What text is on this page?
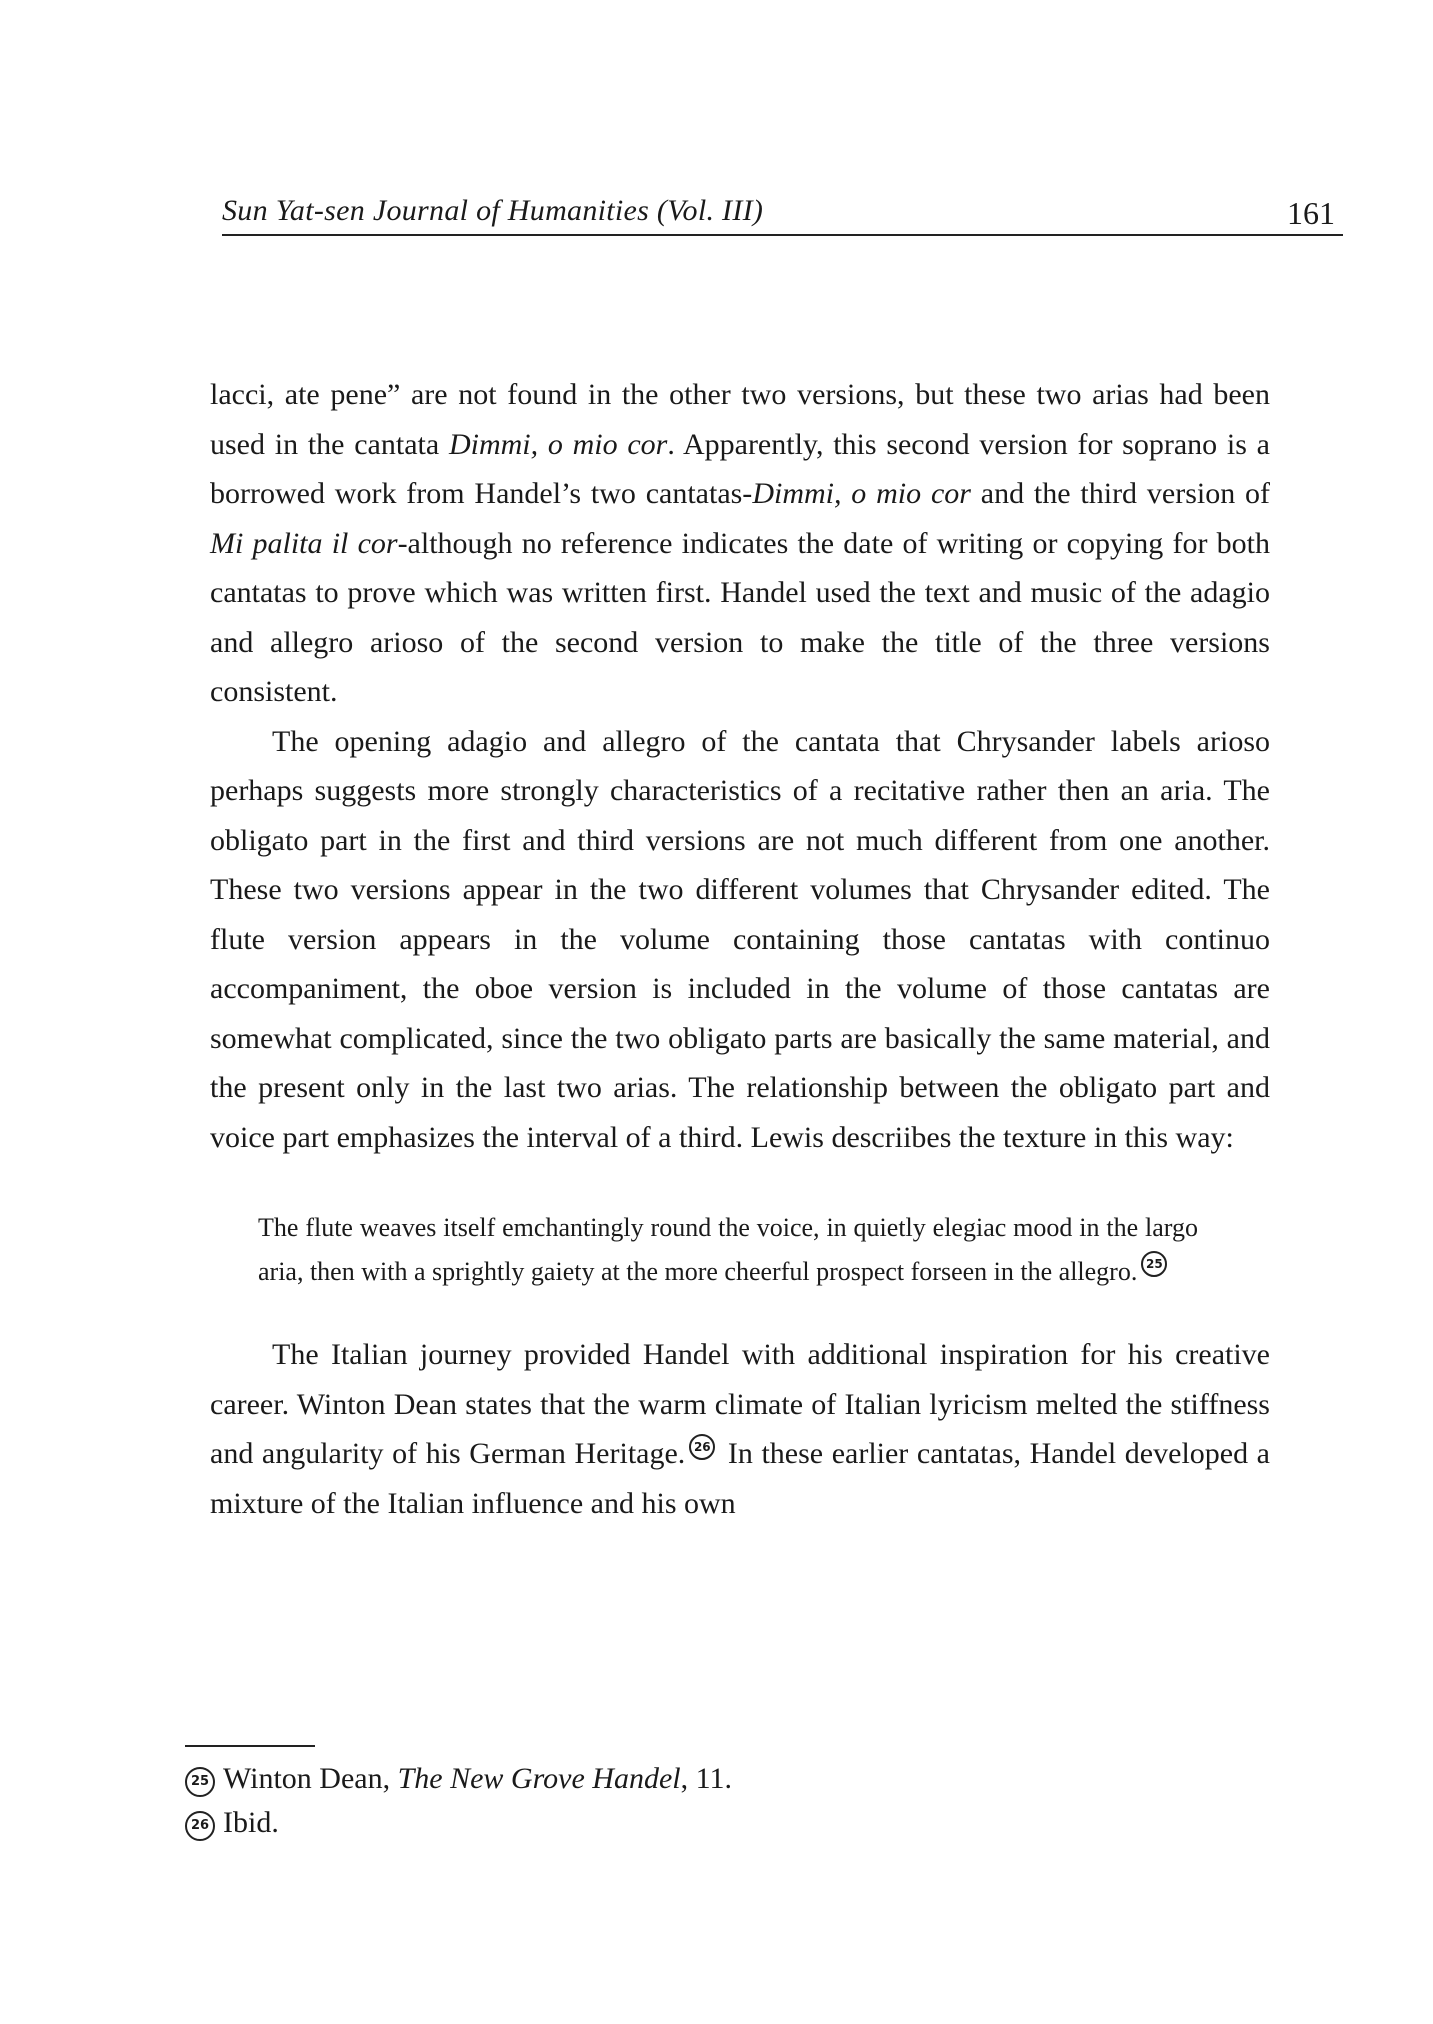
Sun Yat-sen Journal of Humanities (Vol. III)	161

lacci, ate pene” are not found in the other two versions, but these two arias had been used in the cantata Dimmi, o mio cor. Apparently, this second version for soprano is a borrowed work from Handel’s two cantatas-Dimmi, o mio cor and the third version of Mi palita il cor-although no reference indicates the date of writing or copying for both cantatas to prove which was written first. Handel used the text and music of the adagio and allegro arioso of the second version to make the title of the three versions consistent.

The opening adagio and allegro of the cantata that Chrysander labels arioso perhaps suggests more strongly characteristics of a recitative rather then an aria. The obligato part in the first and third versions are not much different from one another. These two versions appear in the two different volumes that Chrysander edited. The flute version appears in the volume containing those cantatas with continuo accompaniment, the oboe version is included in the volume of those cantatas are somewhat complicated, since the two obligato parts are basically the same material, and the present only in the last two arias. The relationship between the obligato part and voice part emphasizes the interval of a third. Lewis descriibes the texture in this way:

The flute weaves itself emchantingly round the voice, in quietly elegiac mood in the largo aria, then with a sprightly gaiety at the more cheerful prospect forseen in the allegro. 25

The Italian journey provided Handel with additional inspiration for his creative career. Winton Dean states that the warm climate of Italian lyricism melted the stiffness and angularity of his German Heritage. 26 In these earlier cantatas, Handel developed a mixture of the Italian influence and his own

25 Winton Dean, The New Grove Handel, 11.

26 Ibid.
